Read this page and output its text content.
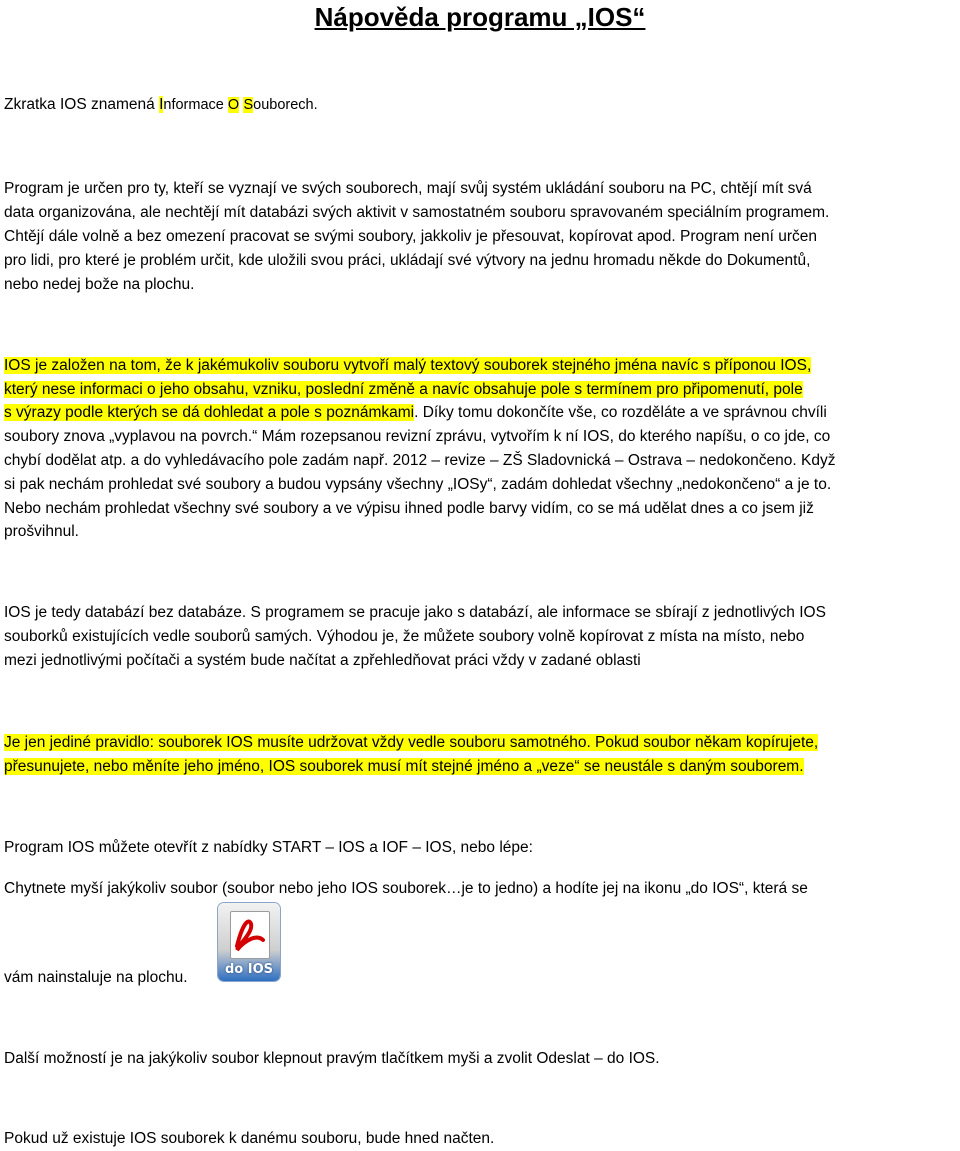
Nápověda programu „IOS“

Zkratka IOS znamená Informace O Souborech.

Program je určen pro ty, kteří se vyznají ve svých souborech, mají svůj systém ukládání souboru na PC, chtějí mít svá

data organizována, ale nechtějí mít databázi svých aktivit v samostatném souboru spravovaném speciálním programem.

Chtějí dále volně a bez omezení pracovat se svými soubory, jakkoliv je přesouvat, kopírovat apod. Program není určen

pro lidi, pro které je problém určit, kde uložili svou práci, ukládají své výtvory na jednu hromadu někde do Dokumentů,

nebo nedej bože na plochu.

IOS je založen na tom, že k jakémukoliv souboru vytvoří malý textový souborek stejného jména navíc s příponou IOS,

který nese informaci o jeho obsahu, vzniku, poslední změně a navíc obsahuje pole s termínem pro připomenutí, pole

s výrazy podle kterých se dá dohledat a pole s poznámkami. Díky tomu dokončíte vše, co rozděláte a ve správnou chvíli

soubory znova „vyplavou na povrch.“ Mám rozepsanou revizní zprávu, vytvořím k ní IOS, do kterého napíšu, o co jde, co

chybí dodělat atp. a do vyhledávacího pole zadám např. 2012 – revize – ZŠ Sladovnická – Ostrava – nedokončeno. Když

si pak nechám prohledat své soubory a budou vypsány všechny „IOSy“, zadám dohledat všechny „nedokončeno“ a je to.

Nebo nechám prohledat všechny své soubory a ve výpisu ihned podle barvy vidím, co se má udělat dnes a co jsem již

prošvihnul.

IOS je tedy databází bez databáze. S programem se pracuje jako s databází, ale informace se sbírají z jednotlivých IOS

souborků existujících vedle souborů samých. Výhodou je, že můžete soubory volně kopírovat z místa na místo, nebo

mezi jednotlivými počítači a systém bude načítat a zpřehledňovat práci vždy v zadané oblasti

Je jen jediné pravidlo: souborek IOS musíte udržovat vždy vedle souboru samotného. Pokud soubor někam kopírujete,

přesunujete, nebo měníte jeho jméno, IOS souborek musí mít stejné jméno a „veze“ se neustále s daným souborem.

Program IOS můžete otevřít z nabídky START – IOS a IOF – IOS, nebo lépe:

Chytnete myší jakýkoliv soubor (soubor nebo jeho IOS souborek…je to jedno) a hodíte jej na ikonu „do IOS“, která se

do IOS

vám nainstaluje na plochu.

Další možností je na jakýkoliv soubor klepnout pravým tlačítkem myši a zvolit Odeslat – do IOS.

Pokud už existuje IOS souborek k danému souboru, bude hned načten.
